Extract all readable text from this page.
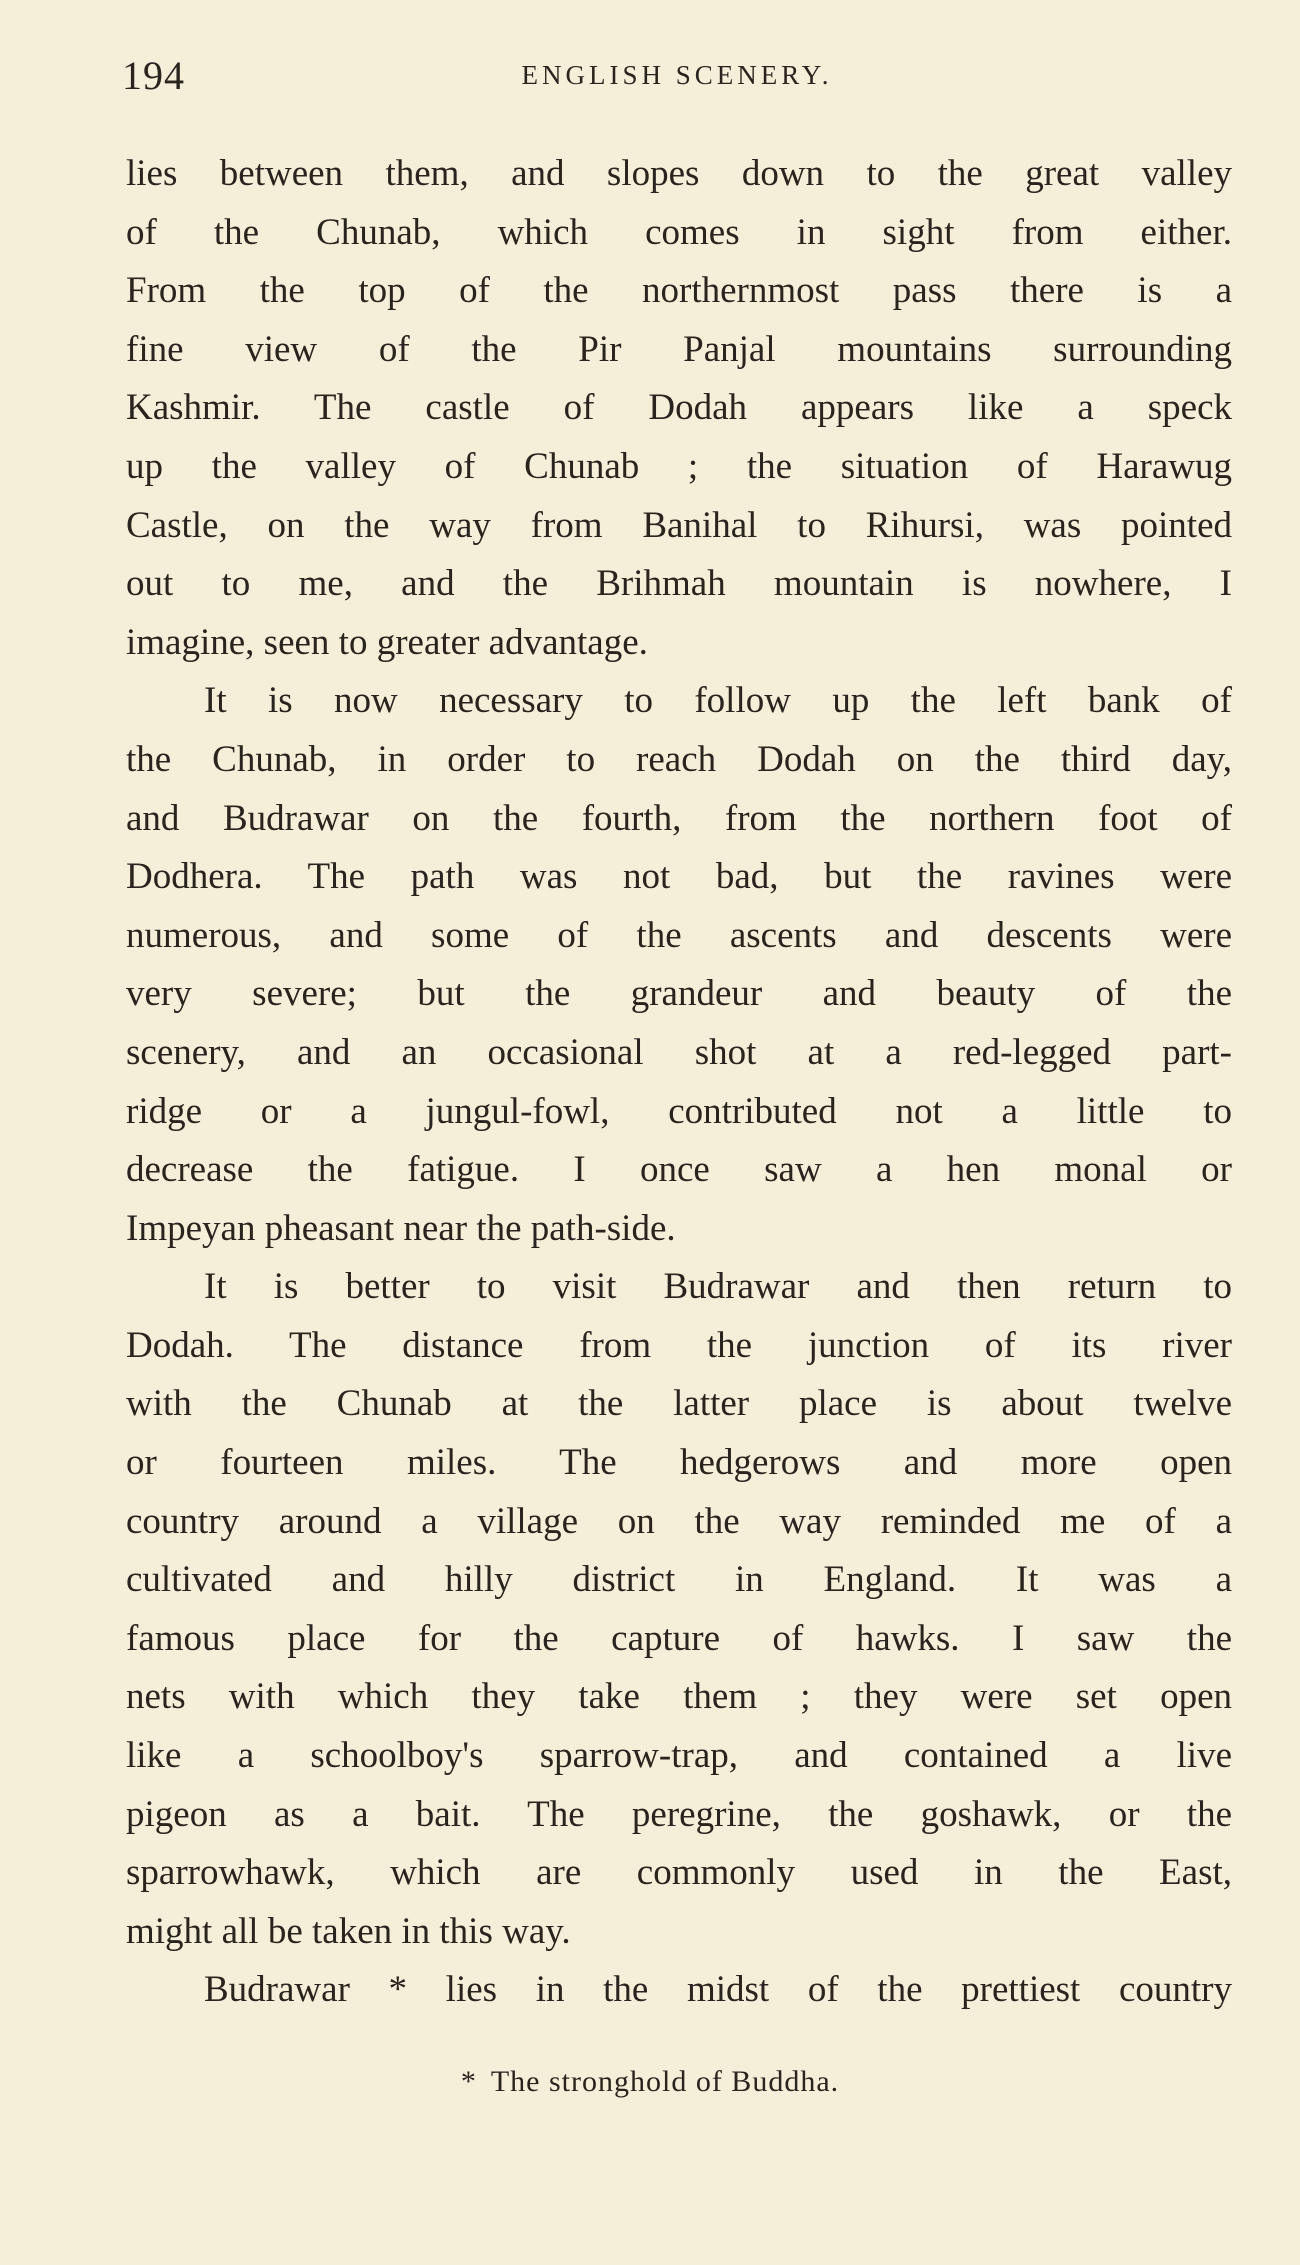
194	ENGLISH SCENERY.
lies between them, and slopes down to the great valley
of the Chunab, which comes in sight from either.
From the top of the northernmost pass there is a
fine view of the Pir Panjal mountains surrounding
Kashmir. The castle of Dodah appears like a speck
up the valley of Chunab ; the situation of Harawug
Castle, on the way from Banihal to Rihursi, was pointed
out to me, and the Brihmah mountain is nowhere, I
imagine, seen to greater advantage.
It is now necessary to follow up the left bank of
the Chunab, in order to reach Dodah on the third day,
and Budrawar on the fourth, from the northern foot of
Dodhera. The path was not bad, but the ravines were
numerous, and some of the ascents and descents were
very severe; but the grandeur and beauty of the
scenery, and an occasional shot at a red-legged part-
ridge or a jungul-fowl, contributed not a little to
decrease the fatigue. I once saw a hen monal or
Impeyan pheasant near the path-side.
It is better to visit Budrawar and then return to
Dodah. The distance from the junction of its river
with the Chunab at the latter place is about twelve
or fourteen miles. The hedgerows and more open
country around a village on the way reminded me of a
cultivated and hilly district in England. It was a
famous place for the capture of hawks. I saw the
nets with which they take them ; they were set open
like a schoolboy's sparrow-trap, and contained a live
pigeon as a bait. The peregrine, the goshawk, or the
sparrowhawk, which are commonly used in the East,
might all be taken in this way.
Budrawar * lies in the midst of the prettiest country
* The stronghold of Buddha.
